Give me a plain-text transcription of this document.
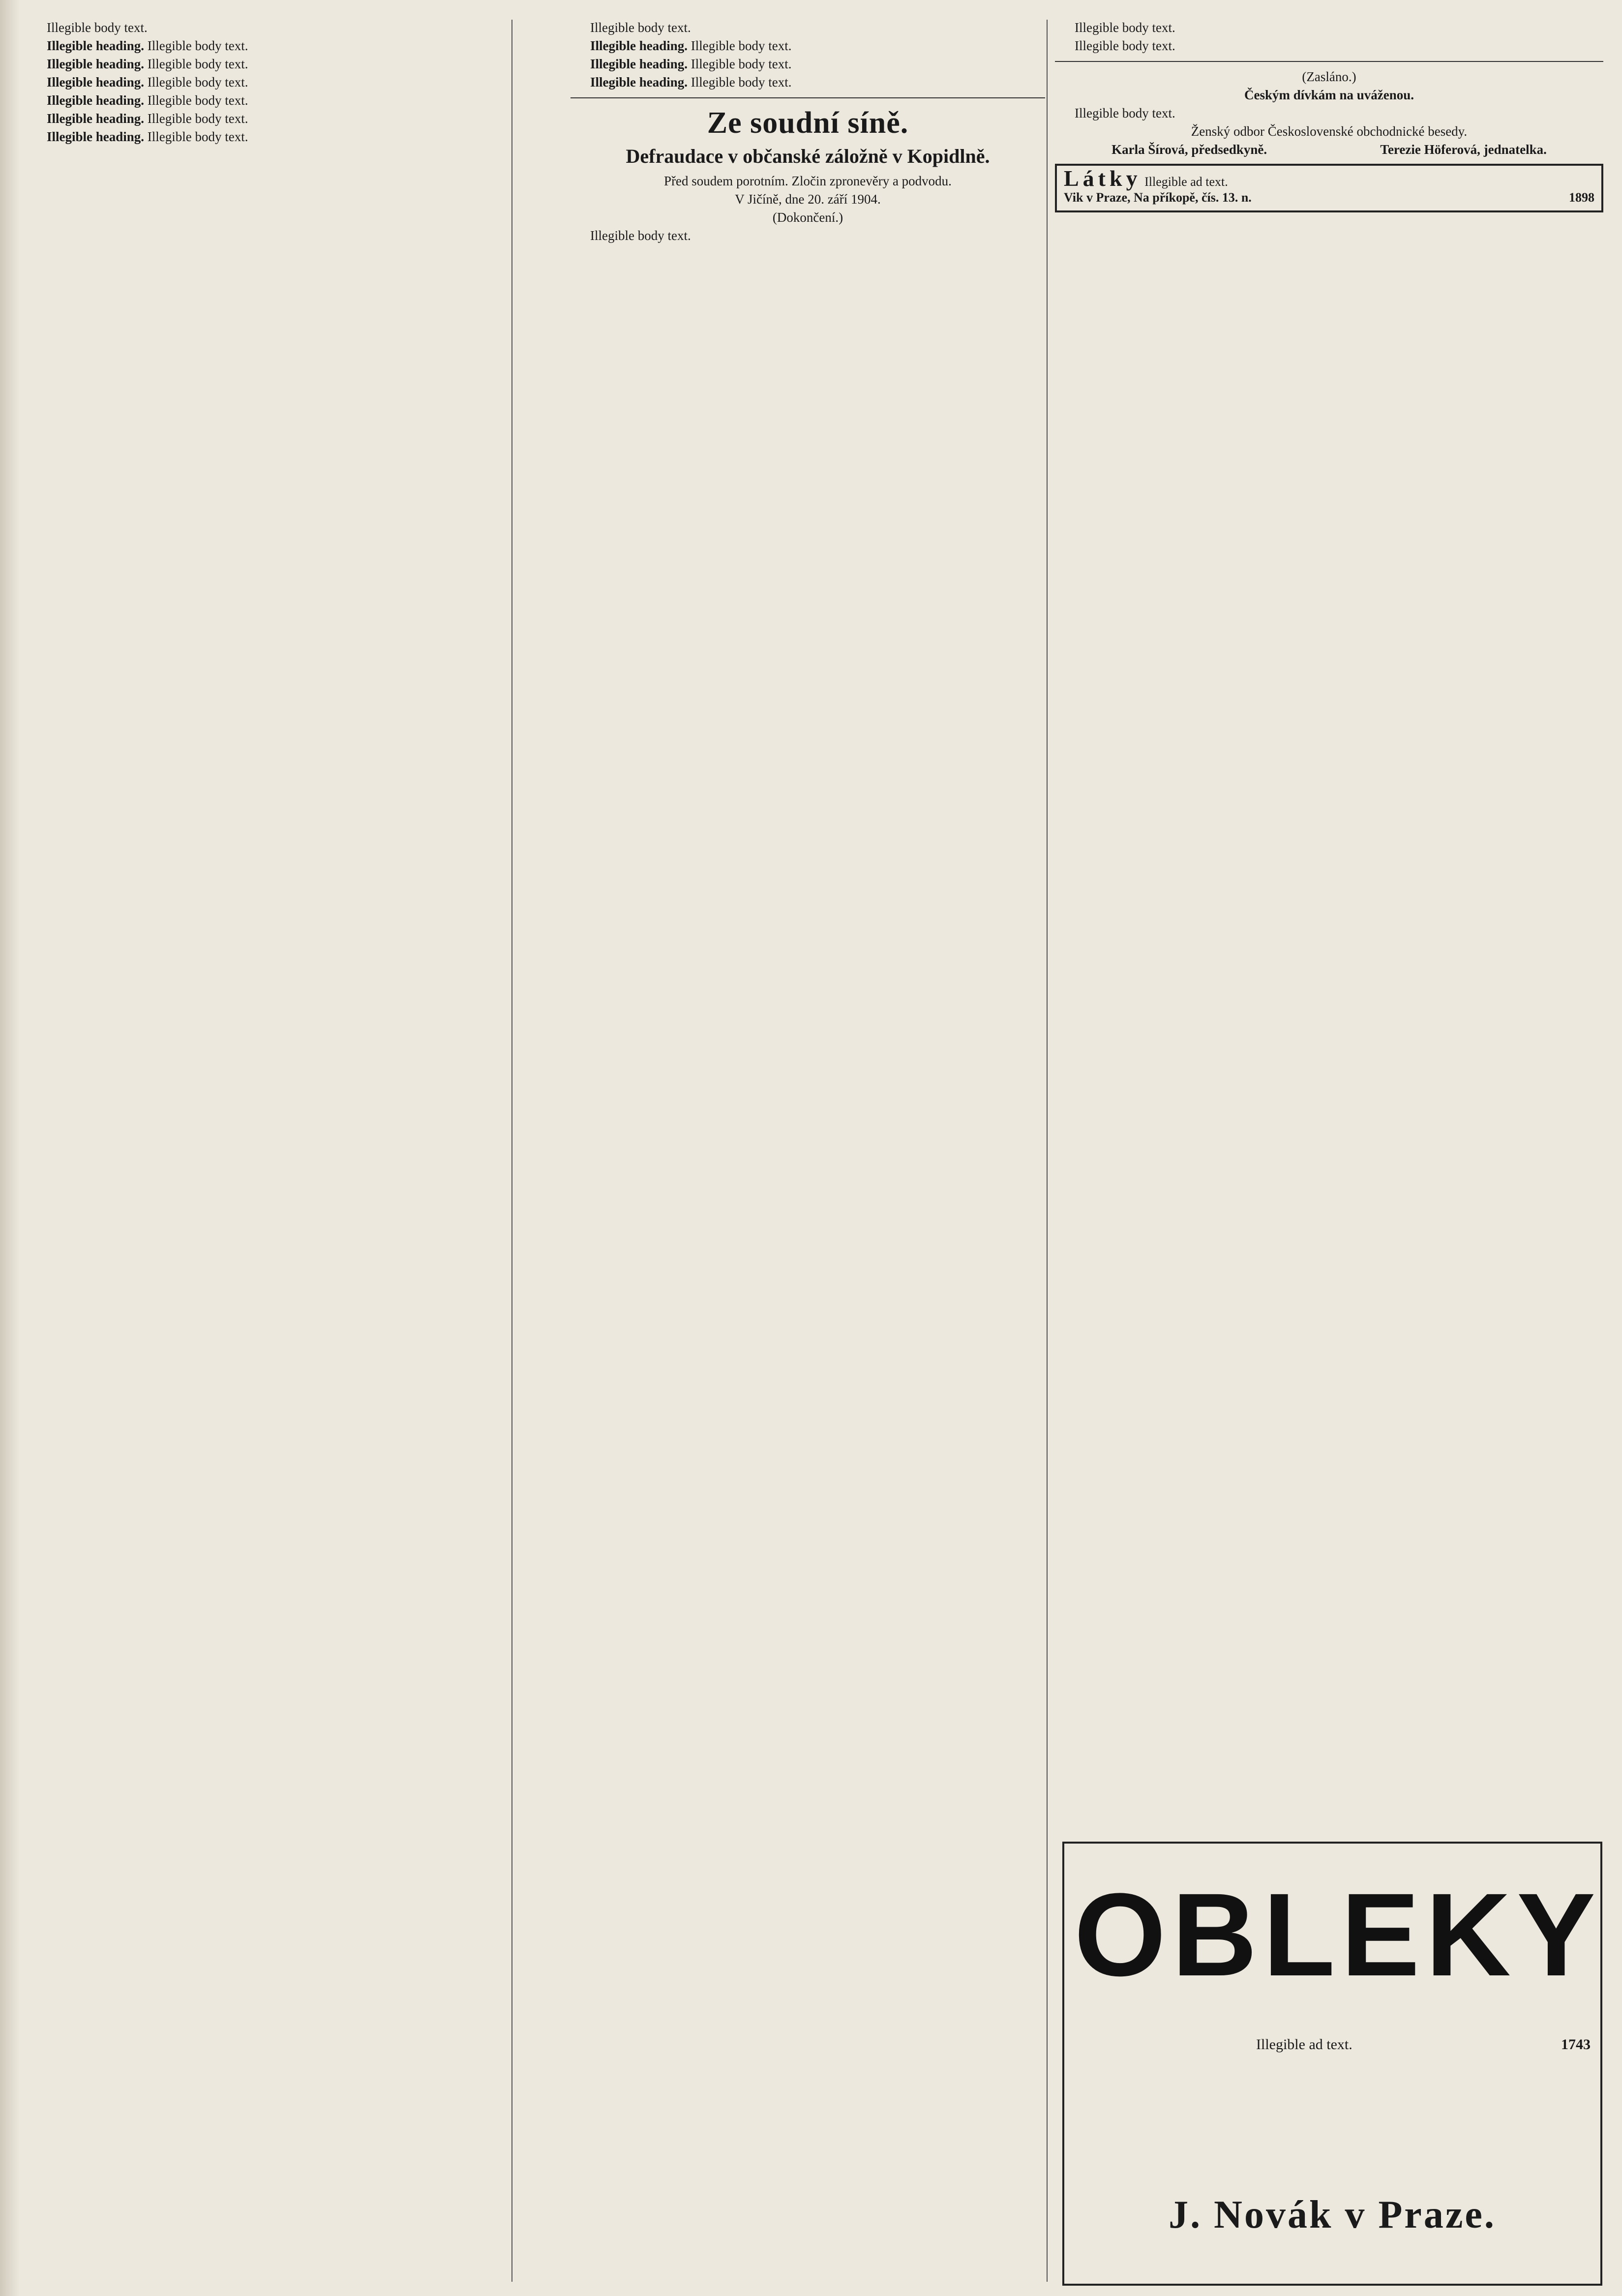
Illegible body text.

Illegible heading. Illegible body text.

Illegible heading. Illegible body text.

Illegible heading. Illegible body text.

Illegible heading. Illegible body text.

Illegible heading. Illegible body text.

Illegible heading. Illegible body text.

Illegible body text.

Illegible heading. Illegible body text.

Illegible heading. Illegible body text.

Illegible heading. Illegible body text.

Ze soudní síně.
Defraudace v občanské záložně v Kopidlně.

Před soudem porotním. Zločin zpronevěry a podvodu.

V Jičíně, dne 20. září 1904.

(Dokončení.)

Illegible body text.

Illegible body text.

Illegible body text.

(Zasláno.)

Českým dívkám na uváženou.

Illegible body text.

Ženský odbor Československé obchodnické besedy.

Karla Šírová, předsedkyně.	Terezie Höferová, jednatelka.
Látky Illegible ad text.
Vik v Praze, Na příkopě, čís. 13. n.	1898
OBLEKY
Illegible ad text.	1743
J. Novák v Praze.
